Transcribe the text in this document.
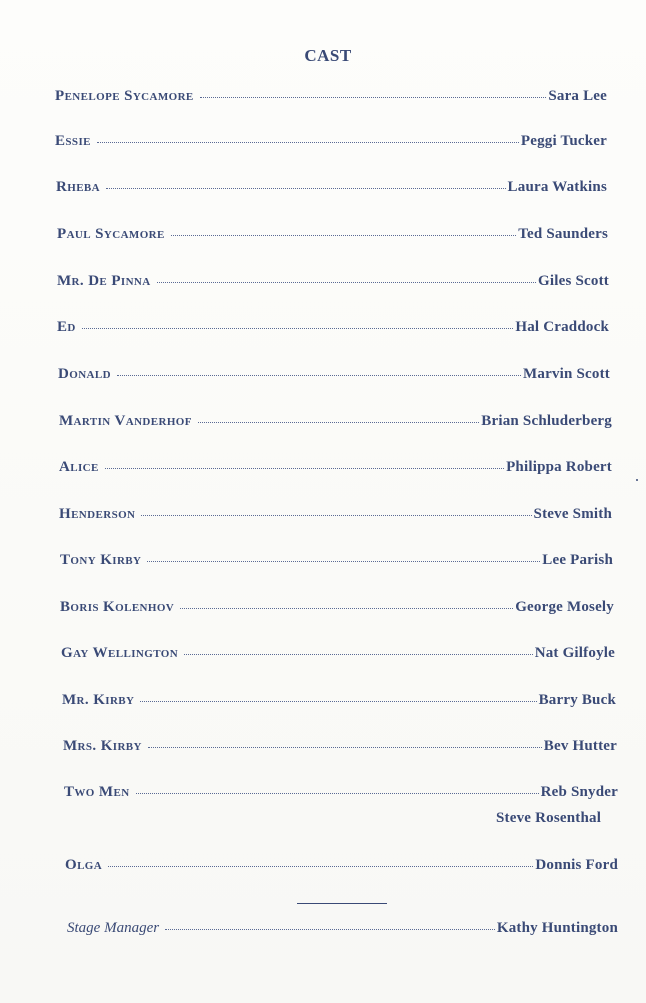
CAST
Penelope Sycamore	Sara Lee
Essie	Peggi Tucker
Rheba	Laura Watkins
Paul Sycamore	Ted Saunders
Mr. De Pinna	Giles Scott
Ed	Hal Craddock
Donald	Marvin Scott
Martin Vanderhof	Brian Schluderberg
Alice	Philippa Robert
Henderson	Steve Smith
Tony Kirby	Lee Parish
Boris Kolenhov	George Mosely
Gay Wellington	Nat Gilfoyle
Mr. Kirby	Barry Buck
Mrs. Kirby	Bev Hutter
Two Men	Reb Snyder
Steve Rosenthal
Olga	Donnis Ford
Stage Manager	Kathy Huntington
